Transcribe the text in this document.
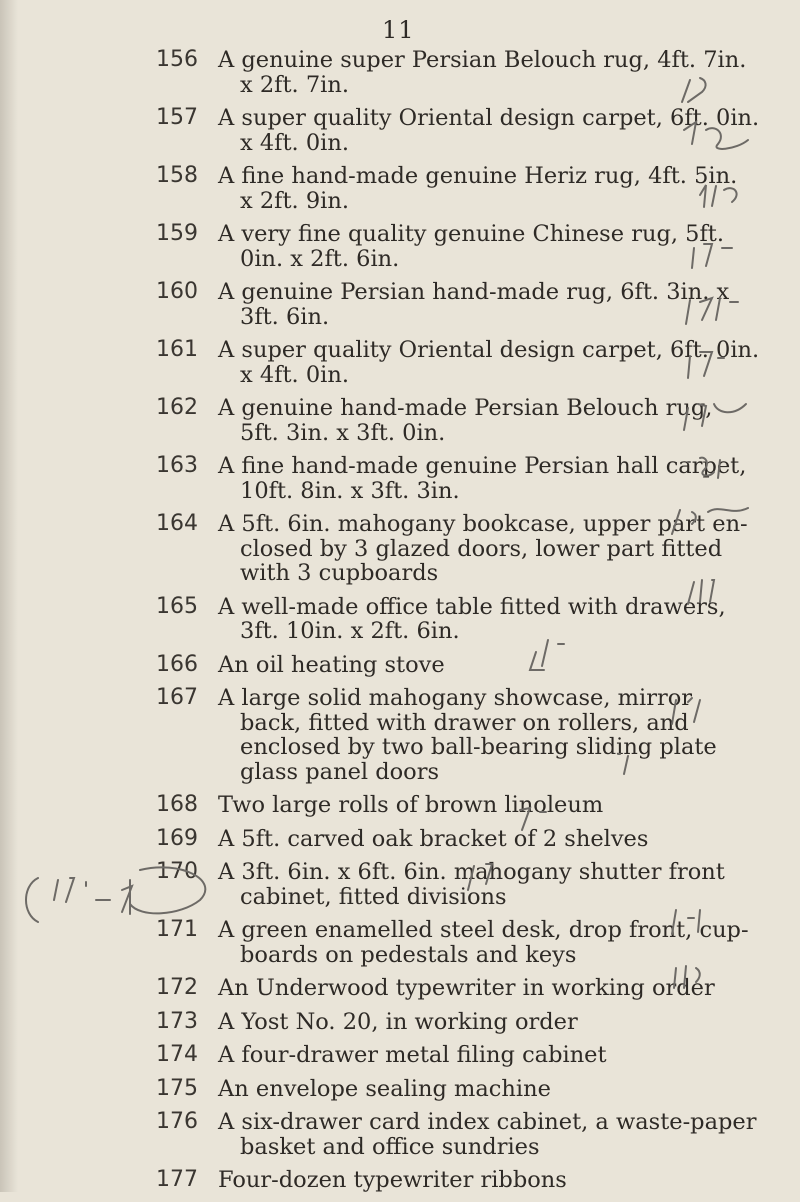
11
156 A genuine super Persian Belouch rug, 4ft. 7in.
x 2ft. 7in.
157 A super quality Oriental design carpet, 6ft. 0in.
x 4ft. 0in.
158 A fine hand-made genuine Heriz rug, 4ft. 5in.
x 2ft. 9in.
159 A very fine quality genuine Chinese rug, 5ft.
0in. x 2ft. 6in.
160 A genuine Persian hand-made rug, 6ft. 3in. x
3ft. 6in.
161 A super quality Oriental design carpet, 6ft. 0in.
x 4ft. 0in.
162 A genuine hand-made Persian Belouch rug,
5ft. 3in. x 3ft. 0in.
163 A fine hand-made genuine Persian hall carpet,
10ft. 8in. x 3ft. 3in.
164 A 5ft. 6in. mahogany bookcase, upper part en-
closed by 3 glazed doors, lower part fitted
with 3 cupboards
165 A well-made office table fitted with drawers,
3ft. 10in. x 2ft. 6in.
166 An oil heating stove
167 A large solid mahogany showcase, mirror
back, fitted with drawer on rollers, and
enclosed by two ball-bearing sliding plate
glass panel doors
168 Two large rolls of brown linoleum
169 A 5ft. carved oak bracket of 2 shelves
170 A 3ft. 6in. x 6ft. 6in. mahogany shutter front
cabinet, fitted divisions
171 A green enamelled steel desk, drop front, cup-
boards on pedestals and keys
172 An Underwood typewriter in working order
173 A Yost No. 20, in working order
174 A four-drawer metal filing cabinet
175 An envelope sealing machine
176 A six-drawer card index cabinet, a waste-paper
basket and office sundries
177 Four-dozen typewriter ribbons
